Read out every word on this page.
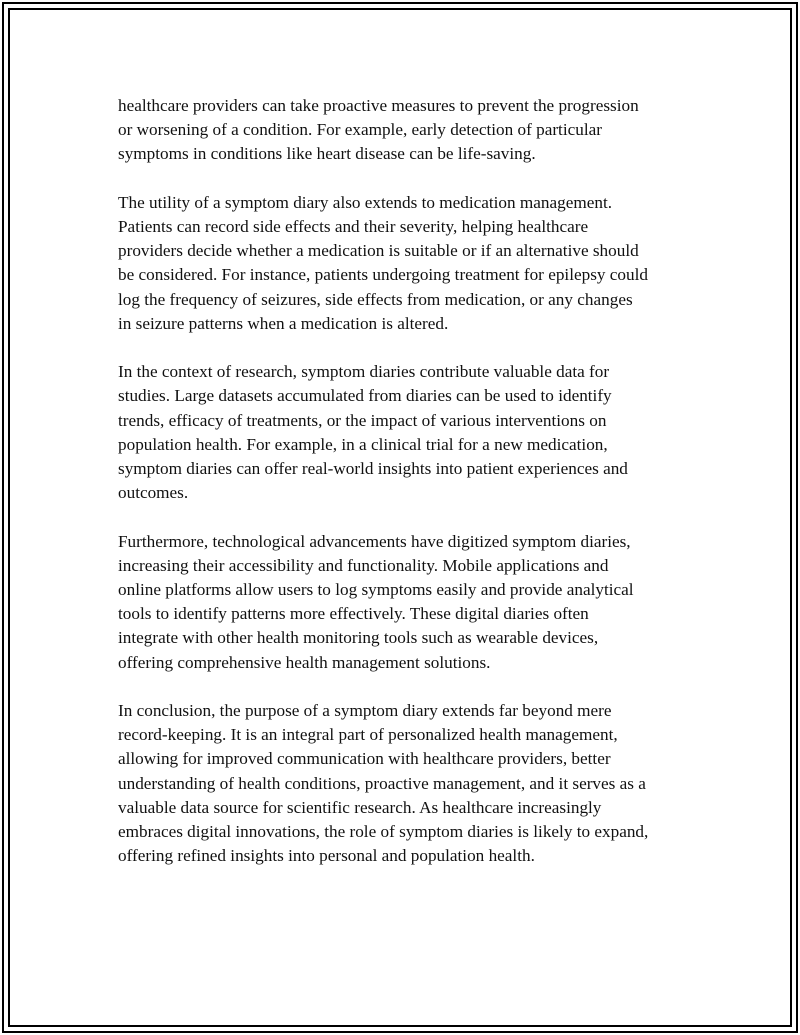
healthcare providers can take proactive measures to prevent the progression
or worsening of a condition. For example, early detection of particular
symptoms in conditions like heart disease can be life-saving.

The utility of a symptom diary also extends to medication management.
Patients can record side effects and their severity, helping healthcare
providers decide whether a medication is suitable or if an alternative should
be considered. For instance, patients undergoing treatment for epilepsy could
log the frequency of seizures, side effects from medication, or any changes
in seizure patterns when a medication is altered.

In the context of research, symptom diaries contribute valuable data for
studies. Large datasets accumulated from diaries can be used to identify
trends, efficacy of treatments, or the impact of various interventions on
population health. For example, in a clinical trial for a new medication,
symptom diaries can offer real-world insights into patient experiences and
outcomes.

Furthermore, technological advancements have digitized symptom diaries,
increasing their accessibility and functionality. Mobile applications and
online platforms allow users to log symptoms easily and provide analytical
tools to identify patterns more effectively. These digital diaries often
integrate with other health monitoring tools such as wearable devices,
offering comprehensive health management solutions.

In conclusion, the purpose of a symptom diary extends far beyond mere
record-keeping. It is an integral part of personalized health management,
allowing for improved communication with healthcare providers, better
understanding of health conditions, proactive management, and it serves as a
valuable data source for scientific research. As healthcare increasingly
embraces digital innovations, the role of symptom diaries is likely to expand,
offering refined insights into personal and population health.
